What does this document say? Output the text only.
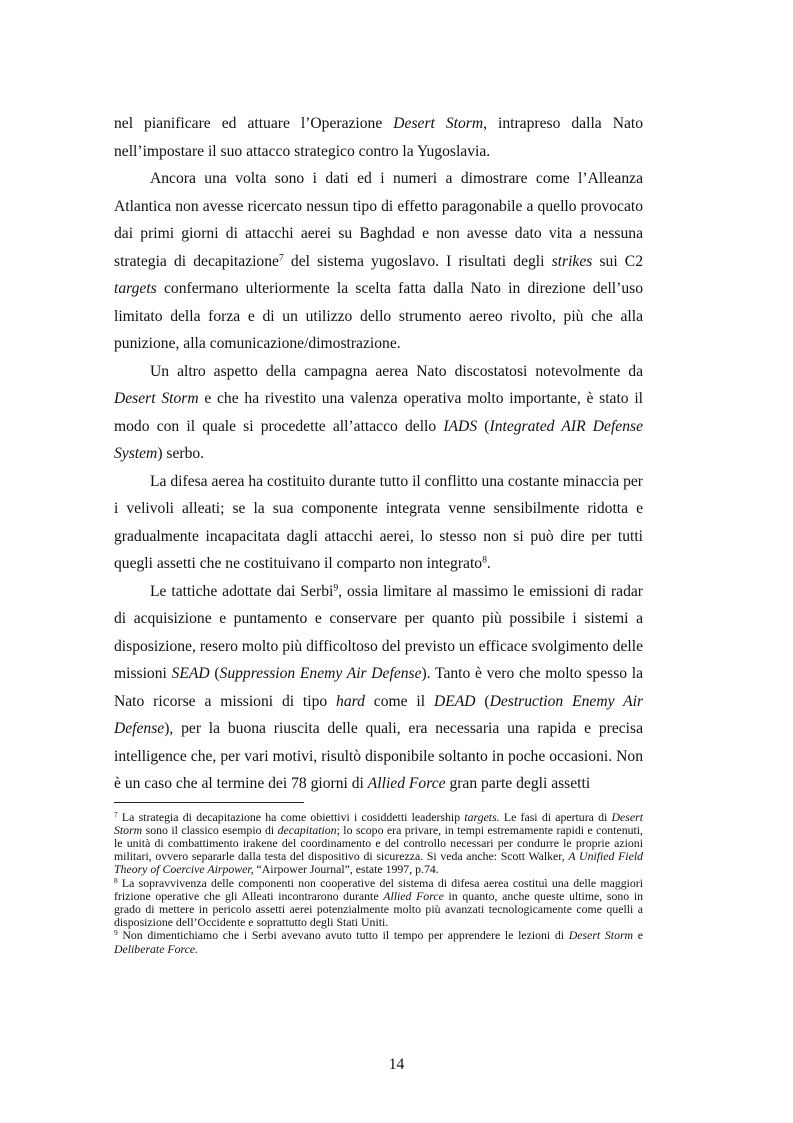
nel pianificare ed attuare l’Operazione Desert Storm, intrapreso dalla Nato nell’impostare il suo attacco strategico contro la Yugoslavia.

Ancora una volta sono i dati ed i numeri a dimostrare come l’Alleanza Atlantica non avesse ricercato nessun tipo di effetto paragonabile a quello provocato dai primi giorni di attacchi aerei su Baghdad e non avesse dato vita a nessuna strategia di decapitazione$^7$ del sistema yugoslavo. I risultati degli strikes sui C2 targets confermano ulteriormente la scelta fatta dalla Nato in direzione dell’uso limitato della forza e di un utilizzo dello strumento aereo rivolto, più che alla punizione, alla comunicazione/dimostrazione.

Un altro aspetto della campagna aerea Nato discostatosi notevolmente da Desert Storm e che ha rivestito una valenza operativa molto importante, è stato il modo con il quale si procedette all’attacco dello IADS (Integrated AIR Defense System) serbo.

La difesa aerea ha costituito durante tutto il conflitto una costante minaccia per i velivoli alleati; se la sua componente integrata venne sensibilmente ridotta e gradualmente incapacitata dagli attacchi aerei, lo stesso non si può dire per tutti quegli assetti che ne costituivano il comparto non integrato$^8$.

Le tattiche adottate dai Serbi$^9$, ossia limitare al massimo le emissioni di radar di acquisizione e puntamento e conservare per quanto più possibile i sistemi a disposizione, resero molto più difficoltoso del previsto un efficace svolgimento delle missioni SEAD (Suppression Enemy Air Defense). Tanto è vero che molto spesso la Nato ricorse a missioni di tipo hard come il DEAD (Destruction Enemy Air Defense), per la buona riuscita delle quali, era necessaria una rapida e precisa intelligence che, per vari motivi, risultò disponibile soltanto in poche occasioni. Non è un caso che al termine dei 78 giorni di Allied Force gran parte degli assetti

$^7$ La strategia di decapitazione ha come obiettivi i cosiddetti leadership targets. Le fasi di apertura di Desert Storm sono il classico esempio di decapitation; lo scopo era privare, in tempi estremamente rapidi e contenuti, le unità di combattimento irakene del coordinamento e del controllo necessari per condurre le proprie azioni militari, ovvero separarle dalla testa del dispositivo di sicurezza. Si veda anche: Scott Walker, A Unified Field Theory of Coercive Airpower, “Airpower Journal”, estate 1997, p.74.

$^8$ La sopravvivenza delle componenti non cooperative del sistema di difesa aerea costituì una delle maggiori frizione operative che gli Alleati incontrarono durante Allied Force in quanto, anche queste ultime, sono in grado di mettere in pericolo assetti aerei potenzialmente molto più avanzati tecnologicamente come quelli a disposizione dell’Occidente e soprattutto degli Stati Uniti.

$^9$ Non dimentichiamo che i Serbi avevano avuto tutto il tempo per apprendere le lezioni di Desert Storm e Deliberate Force.

14
